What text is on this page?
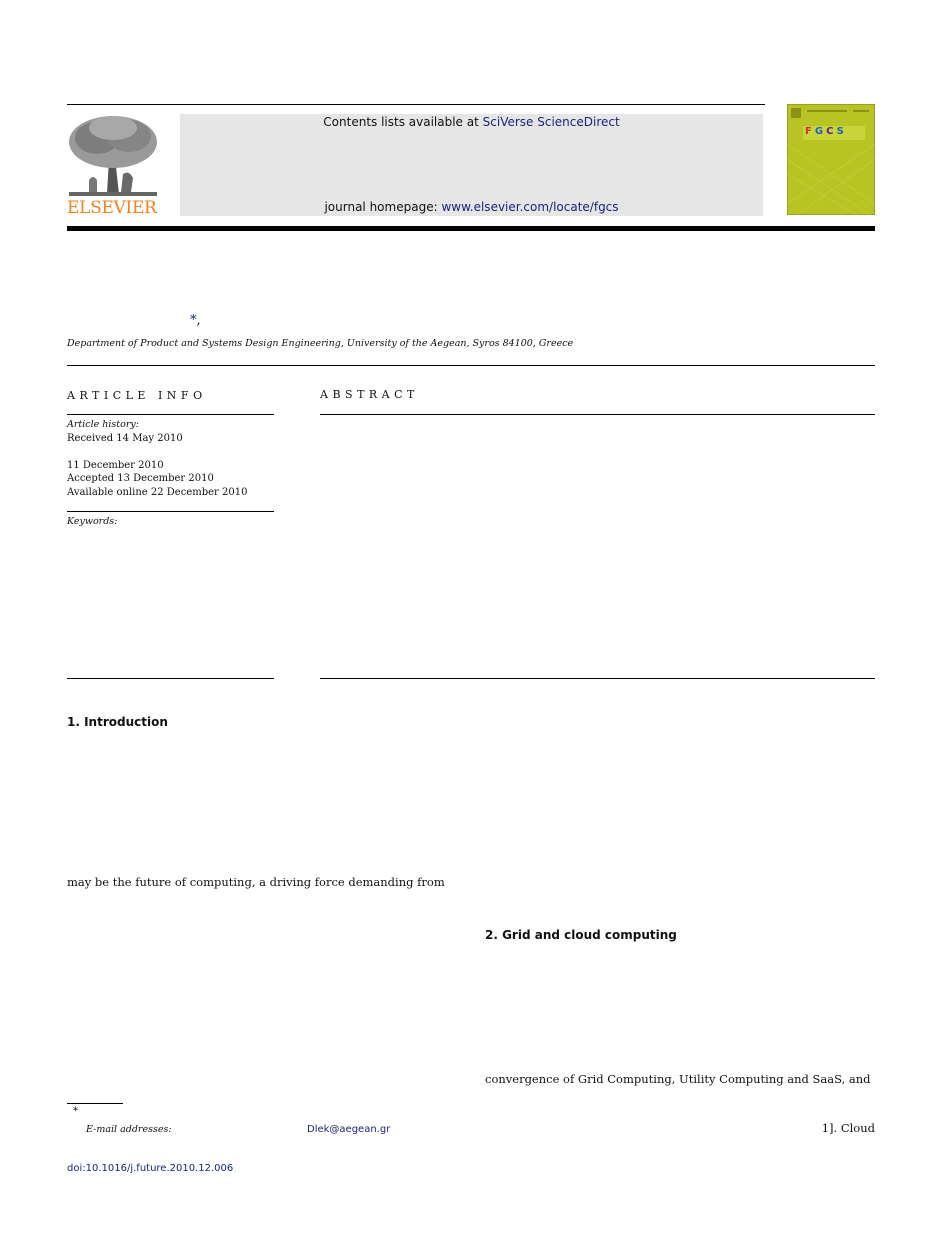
ELSEVIER
Contents lists available at SciVerse ScienceDirect
journal homepage: www.elsevier.com/locate/fgcs
FGCS
*,
Department of Product and Systems Design Engineering, University of the Aegean, Syros 84100, Greece
ARTICLE INFO	ABSTRACT
Article history:
Received 14 May 2010
11 December 2010
Accepted 13 December 2010
Available online 22 December 2010
Keywords:
1. Introduction
may be the future of computing, a driving force demanding from
2. Grid and cloud computing
convergence of Grid Computing, Utility Computing and SaaS, and
1]. Cloud
*
E-mail addresses:	Dlek@aegean.gr
doi:10.1016/j.future.2010.12.006
